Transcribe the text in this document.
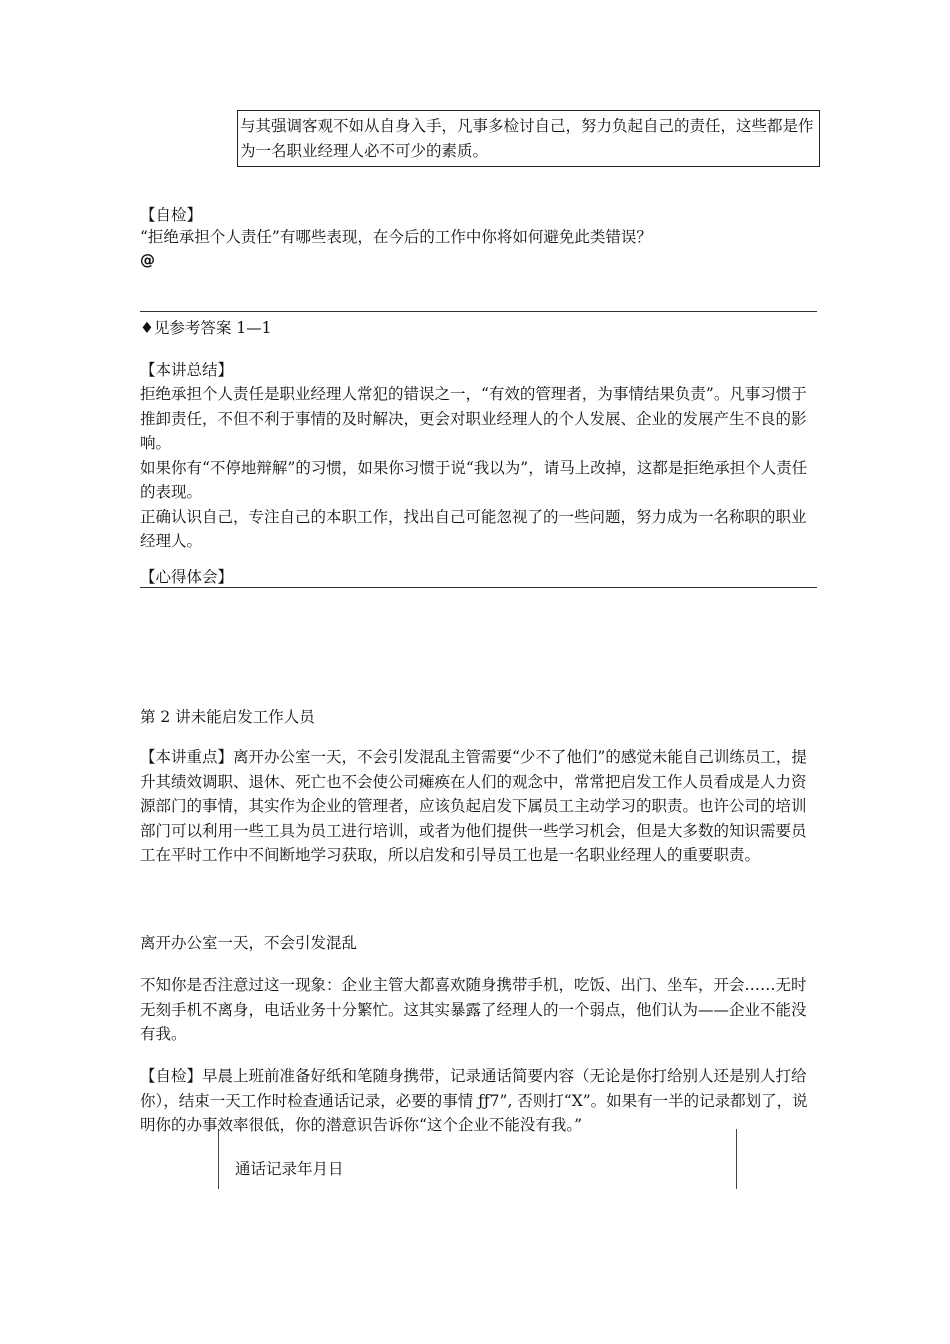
与其强调客观不如从自身入手，凡事多检讨自己，努力负起自己的责任，这些都是作为一名职业经理人必不可少的素质。
【自检】
“拒绝承担个人责任”有哪些表现，在今后的工作中你将如何避免此类错误？
@
♦见参考答案 1—1
【本讲总结】

拒绝承担个人责任是职业经理人常犯的错误之一，“有效的管理者，为事情结果负责”。凡事习惯于推卸责任，不但不利于事情的及时解决，更会对职业经理人的个人发展、企业的发展产生不良的影响。

如果你有“不停地辩解”的习惯，如果你习惯于说“我以为”，请马上改掉，这都是拒绝承担个人责任的表现。

正确认识自己，专注自己的本职工作，找出自己可能忽视了的一些问题，努力成为一名称职的职业经理人。

【心得体会】
第 2 讲未能启发工作人员

【本讲重点】离开办公室一天，不会引发混乱主管需要“少不了他们”的感觉未能自己训练员工，提升其绩效调职、退休、死亡也不会使公司瘫痪在人们的观念中，常常把启发工作人员看成是人力资源部门的事情，其实作为企业的管理者，应该负起启发下属员工主动学习的职责。也许公司的培训部门可以利用一些工具为员工进行培训，或者为他们提供一些学习机会，但是大多数的知识需要员工在平时工作中不间断地学习获取，所以启发和引导员工也是一名职业经理人的重要职责。

离开办公室一天，不会引发混乱

不知你是否注意过这一现象：企业主管大都喜欢随身携带手机，吃饭、出门、坐车，开会……无时无刻手机不离身，电话业务十分繁忙。这其实暴露了经理人的一个弱点，他们认为——企业不能没有我。

【自检】早晨上班前准备好纸和笔随身携带，记录通话简要内容（无论是你打给别人还是别人打给你），结束一天工作时检查通话记录，必要的事情 ƒƒ7”, 否则打“X”。如果有一半的记录都划了，说明你的办事效率很低，你的潜意识告诉你“这个企业不能没有我。”

通话记录年月日
